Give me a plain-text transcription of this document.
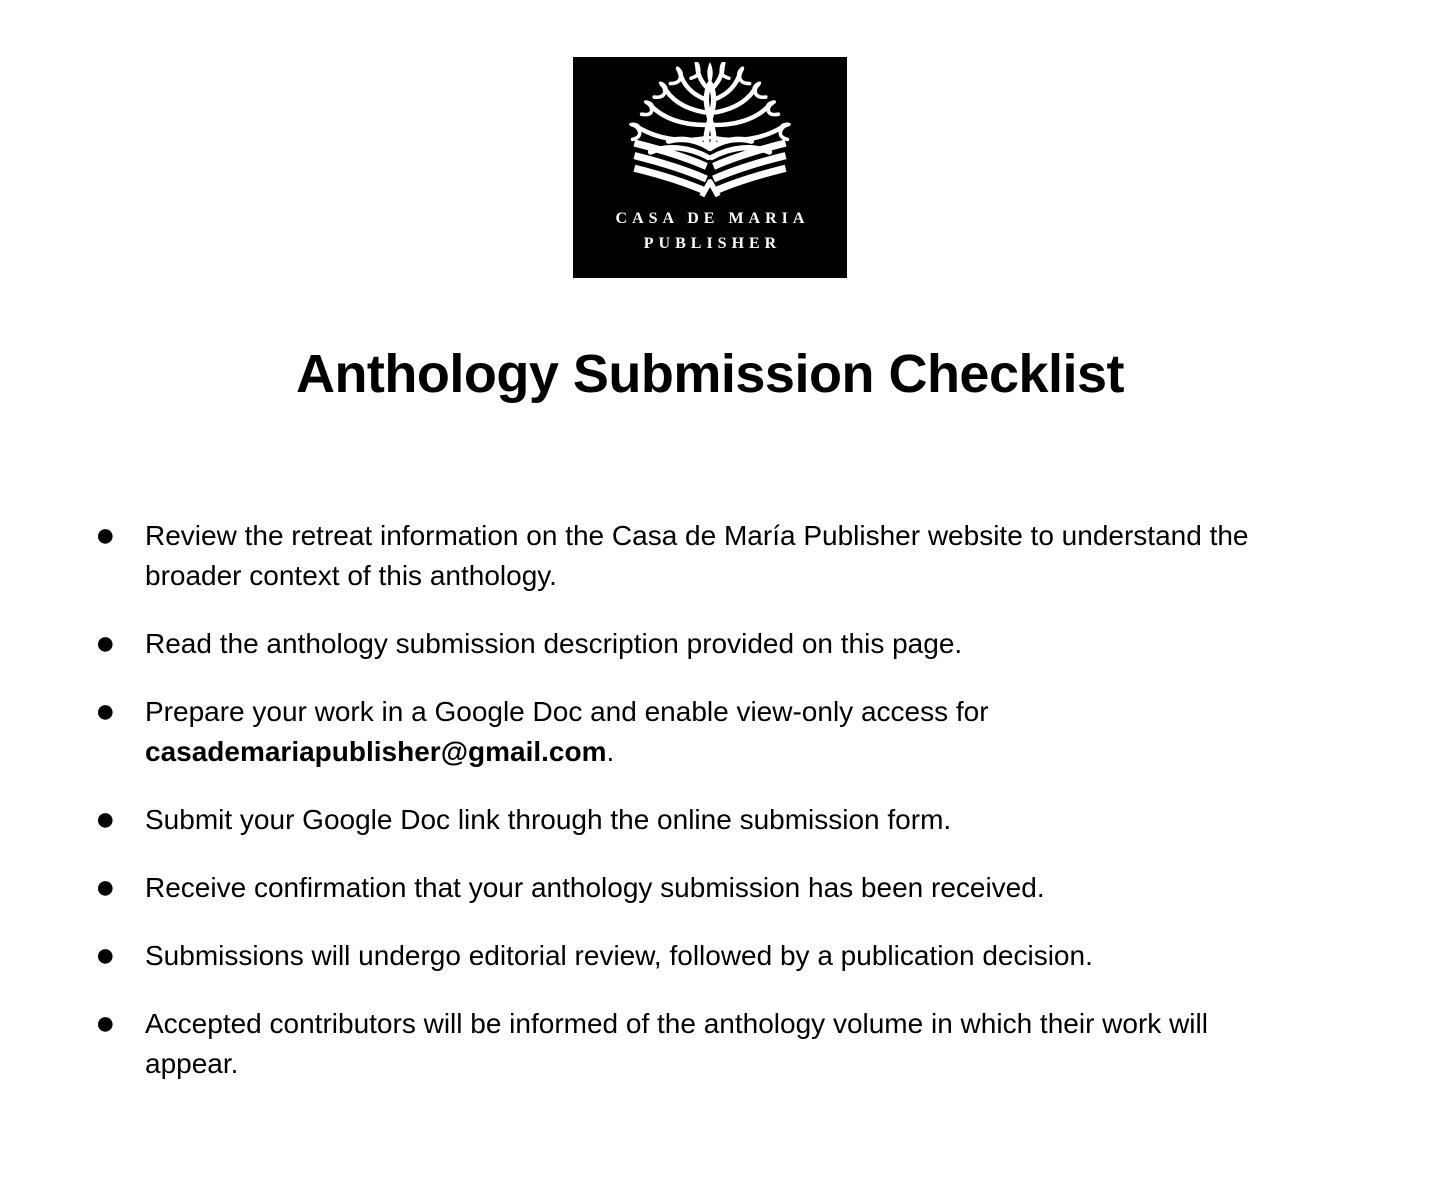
CASA DE MARIA
PUBLISHER
Anthology Submission Checklist
●	Review the retreat information on the Casa de María Publisher website to understand the broader context of this anthology.
●	Read the anthology submission description provided on this page.
●	Prepare your work in a Google Doc and enable view-only access for casademariapublisher@gmail.com.
●	Submit your Google Doc link through the online submission form.
●	Receive confirmation that your anthology submission has been received.
●	Submissions will undergo editorial review, followed by a publication decision.
●	Accepted contributors will be informed of the anthology volume in which their work will appear.
